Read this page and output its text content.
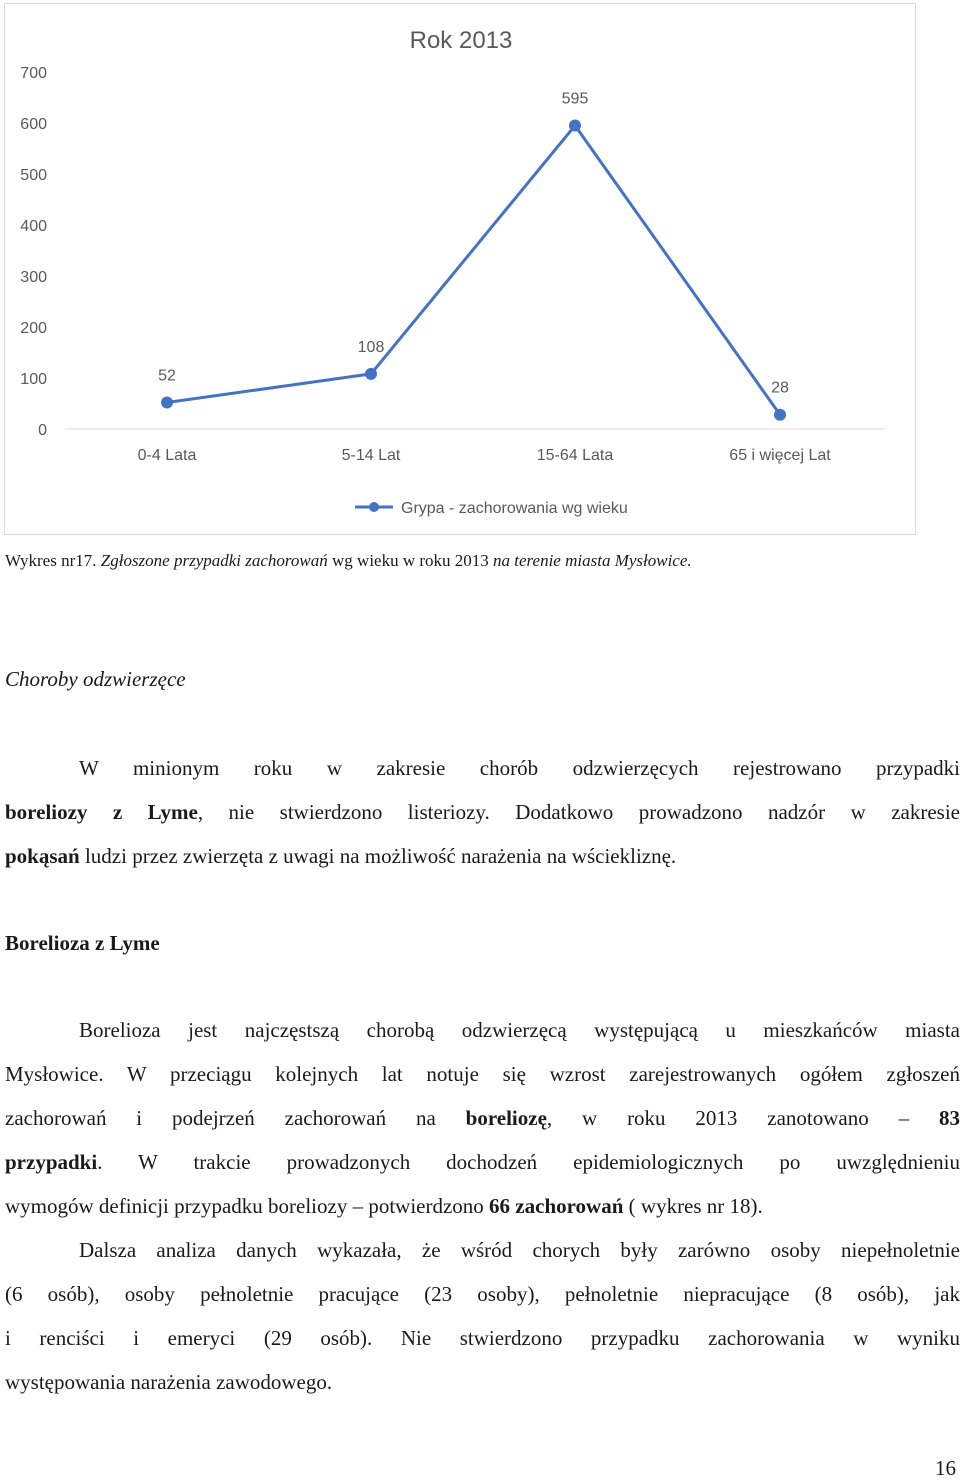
Rok 2013
0
100
200
300
400
500
600
700
0-4 Lata	5-14 Lat	15-64 Lata	65 i więcej Lat
52
108
595
28
Grypa - zachorowania wg wieku
Wykres nr17. Zgłoszone przypadki zachorowań wg wieku w roku 2013 na terenie miasta Mysłowice.
Choroby odzwierzęce
W minionym roku w zakresie chorób odzwierzęcych rejestrowano przypadki
boreliozy z Lyme, nie stwierdzono listeriozy. Dodatkowo prowadzono nadzór w zakresie
pokąsań ludzi przez zwierzęta z uwagi na możliwość narażenia na wściekliznę.
Borelioza z Lyme
Borelioza jest najczęstszą chorobą odzwierzęcą występującą u mieszkańców miasta
Mysłowice. W przeciągu kolejnych lat notuje się wzrost zarejestrowanych ogółem zgłoszeń
zachorowań i podejrzeń zachorowań na boreliozę, w roku 2013 zanotowano – 83
przypadki. W trakcie prowadzonych dochodzeń epidemiologicznych po uwzględnieniu
wymogów definicji przypadku boreliozy – potwierdzono 66 zachorowań ( wykres nr 18).
Dalsza analiza danych wykazała, że wśród chorych były zarówno osoby niepełnoletnie
(6 osób), osoby pełnoletnie pracujące (23 osoby), pełnoletnie niepracujące (8 osób), jak
i renciści i emeryci (29 osób). Nie stwierdzono przypadku zachorowania w wyniku
występowania narażenia zawodowego.
16
